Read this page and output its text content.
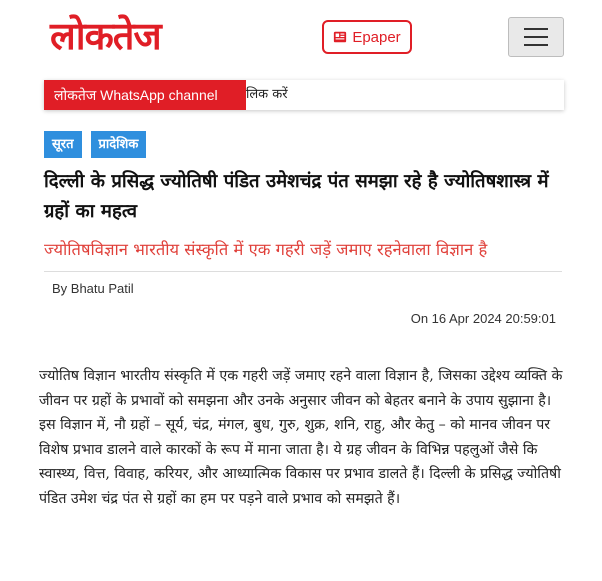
लोकतेज	Epaper
लिक करें
लोकतेज WhatsApp channel
सूरत	प्रादेशिक
दिल्ली के प्रसिद्ध ज्योतिषी पंडित उमेशचंद्र पंत समझा रहे है ज्योतिषशास्त्र में ग्रहों का महत्व
ज्योतिषविज्ञान भारतीय संस्कृति में एक गहरी जड़ें जमाए रहनेवाला विज्ञान है
By Bhatu Patil
On 16 Apr 2024 20:59:01

ज्योतिष विज्ञान भारतीय संस्कृति में एक गहरी जड़ें जमाए रहने वाला विज्ञान है, जिसका उद्देश्य व्यक्ति के जीवन पर ग्रहों के प्रभावों को समझना और उनके अनुसार जीवन को बेहतर बनाने के उपाय सुझाना है। इस विज्ञान में, नौ ग्रहों – सूर्य, चंद्र, मंगल, बुध, गुरु, शुक्र, शनि, राहु, और केतु – को मानव जीवन पर विशेष प्रभाव डालने वाले कारकों के रूप में माना जाता है। ये ग्रह जीवन के विभिन्न पहलुओं जैसे कि स्वास्थ्य, वित्त, विवाह, करियर, और आध्यात्मिक विकास पर प्रभाव डालते हैं। दिल्ली के प्रसिद्ध ज्योतिषी पंडित उमेश चंद्र पंत से ग्रहों का हम पर पड़ने वाले प्रभाव को समझते हैं।
